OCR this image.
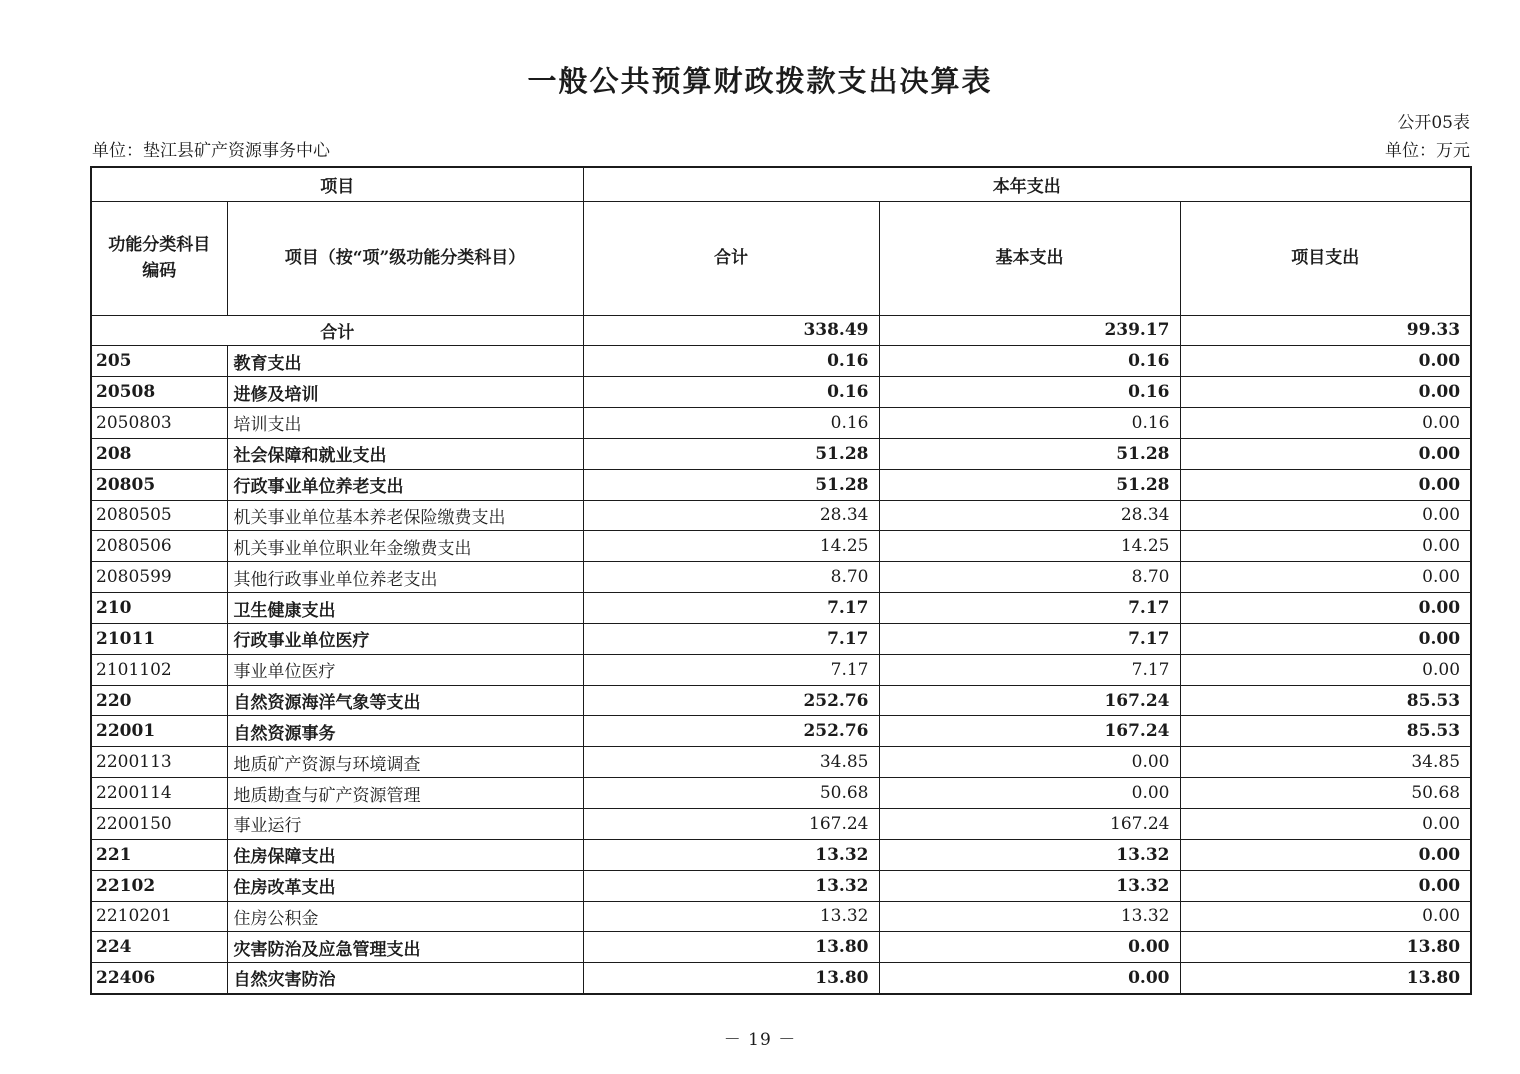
一般公共预算财政拨款支出决算表
公开05表
单位：垫江县矿产资源事务中心	单位：万元
项目		本年支出		
功能分类科目编码	项目（按“项”级功能分类科目）	合计	基本支出	项目支出
合计		338.49	239.17	99.33
205	教育支出	0.16	0.16	0.00
20508	进修及培训	0.16	0.16	0.00
2050803	培训支出	0.16	0.16	0.00
208	社会保障和就业支出	51.28	51.28	0.00
20805	行政事业单位养老支出	51.28	51.28	0.00
2080505	机关事业单位基本养老保险缴费支出	28.34	28.34	0.00
2080506	机关事业单位职业年金缴费支出	14.25	14.25	0.00
2080599	其他行政事业单位养老支出	8.70	8.70	0.00
210	卫生健康支出	7.17	7.17	0.00
21011	行政事业单位医疗	7.17	7.17	0.00
2101102	事业单位医疗	7.17	7.17	0.00
220	自然资源海洋气象等支出	252.76	167.24	85.53
22001	自然资源事务	252.76	167.24	85.53
2200113	地质矿产资源与环境调查	34.85	0.00	34.85
2200114	地质勘查与矿产资源管理	50.68	0.00	50.68
2200150	事业运行	167.24	167.24	0.00
221	住房保障支出	13.32	13.32	0.00
22102	住房改革支出	13.32	13.32	0.00
2210201	住房公积金	13.32	13.32	0.00
224	灾害防治及应急管理支出	13.80	0.00	13.80
22406	自然灾害防治	13.80	0.00	13.80
－ 19 －
